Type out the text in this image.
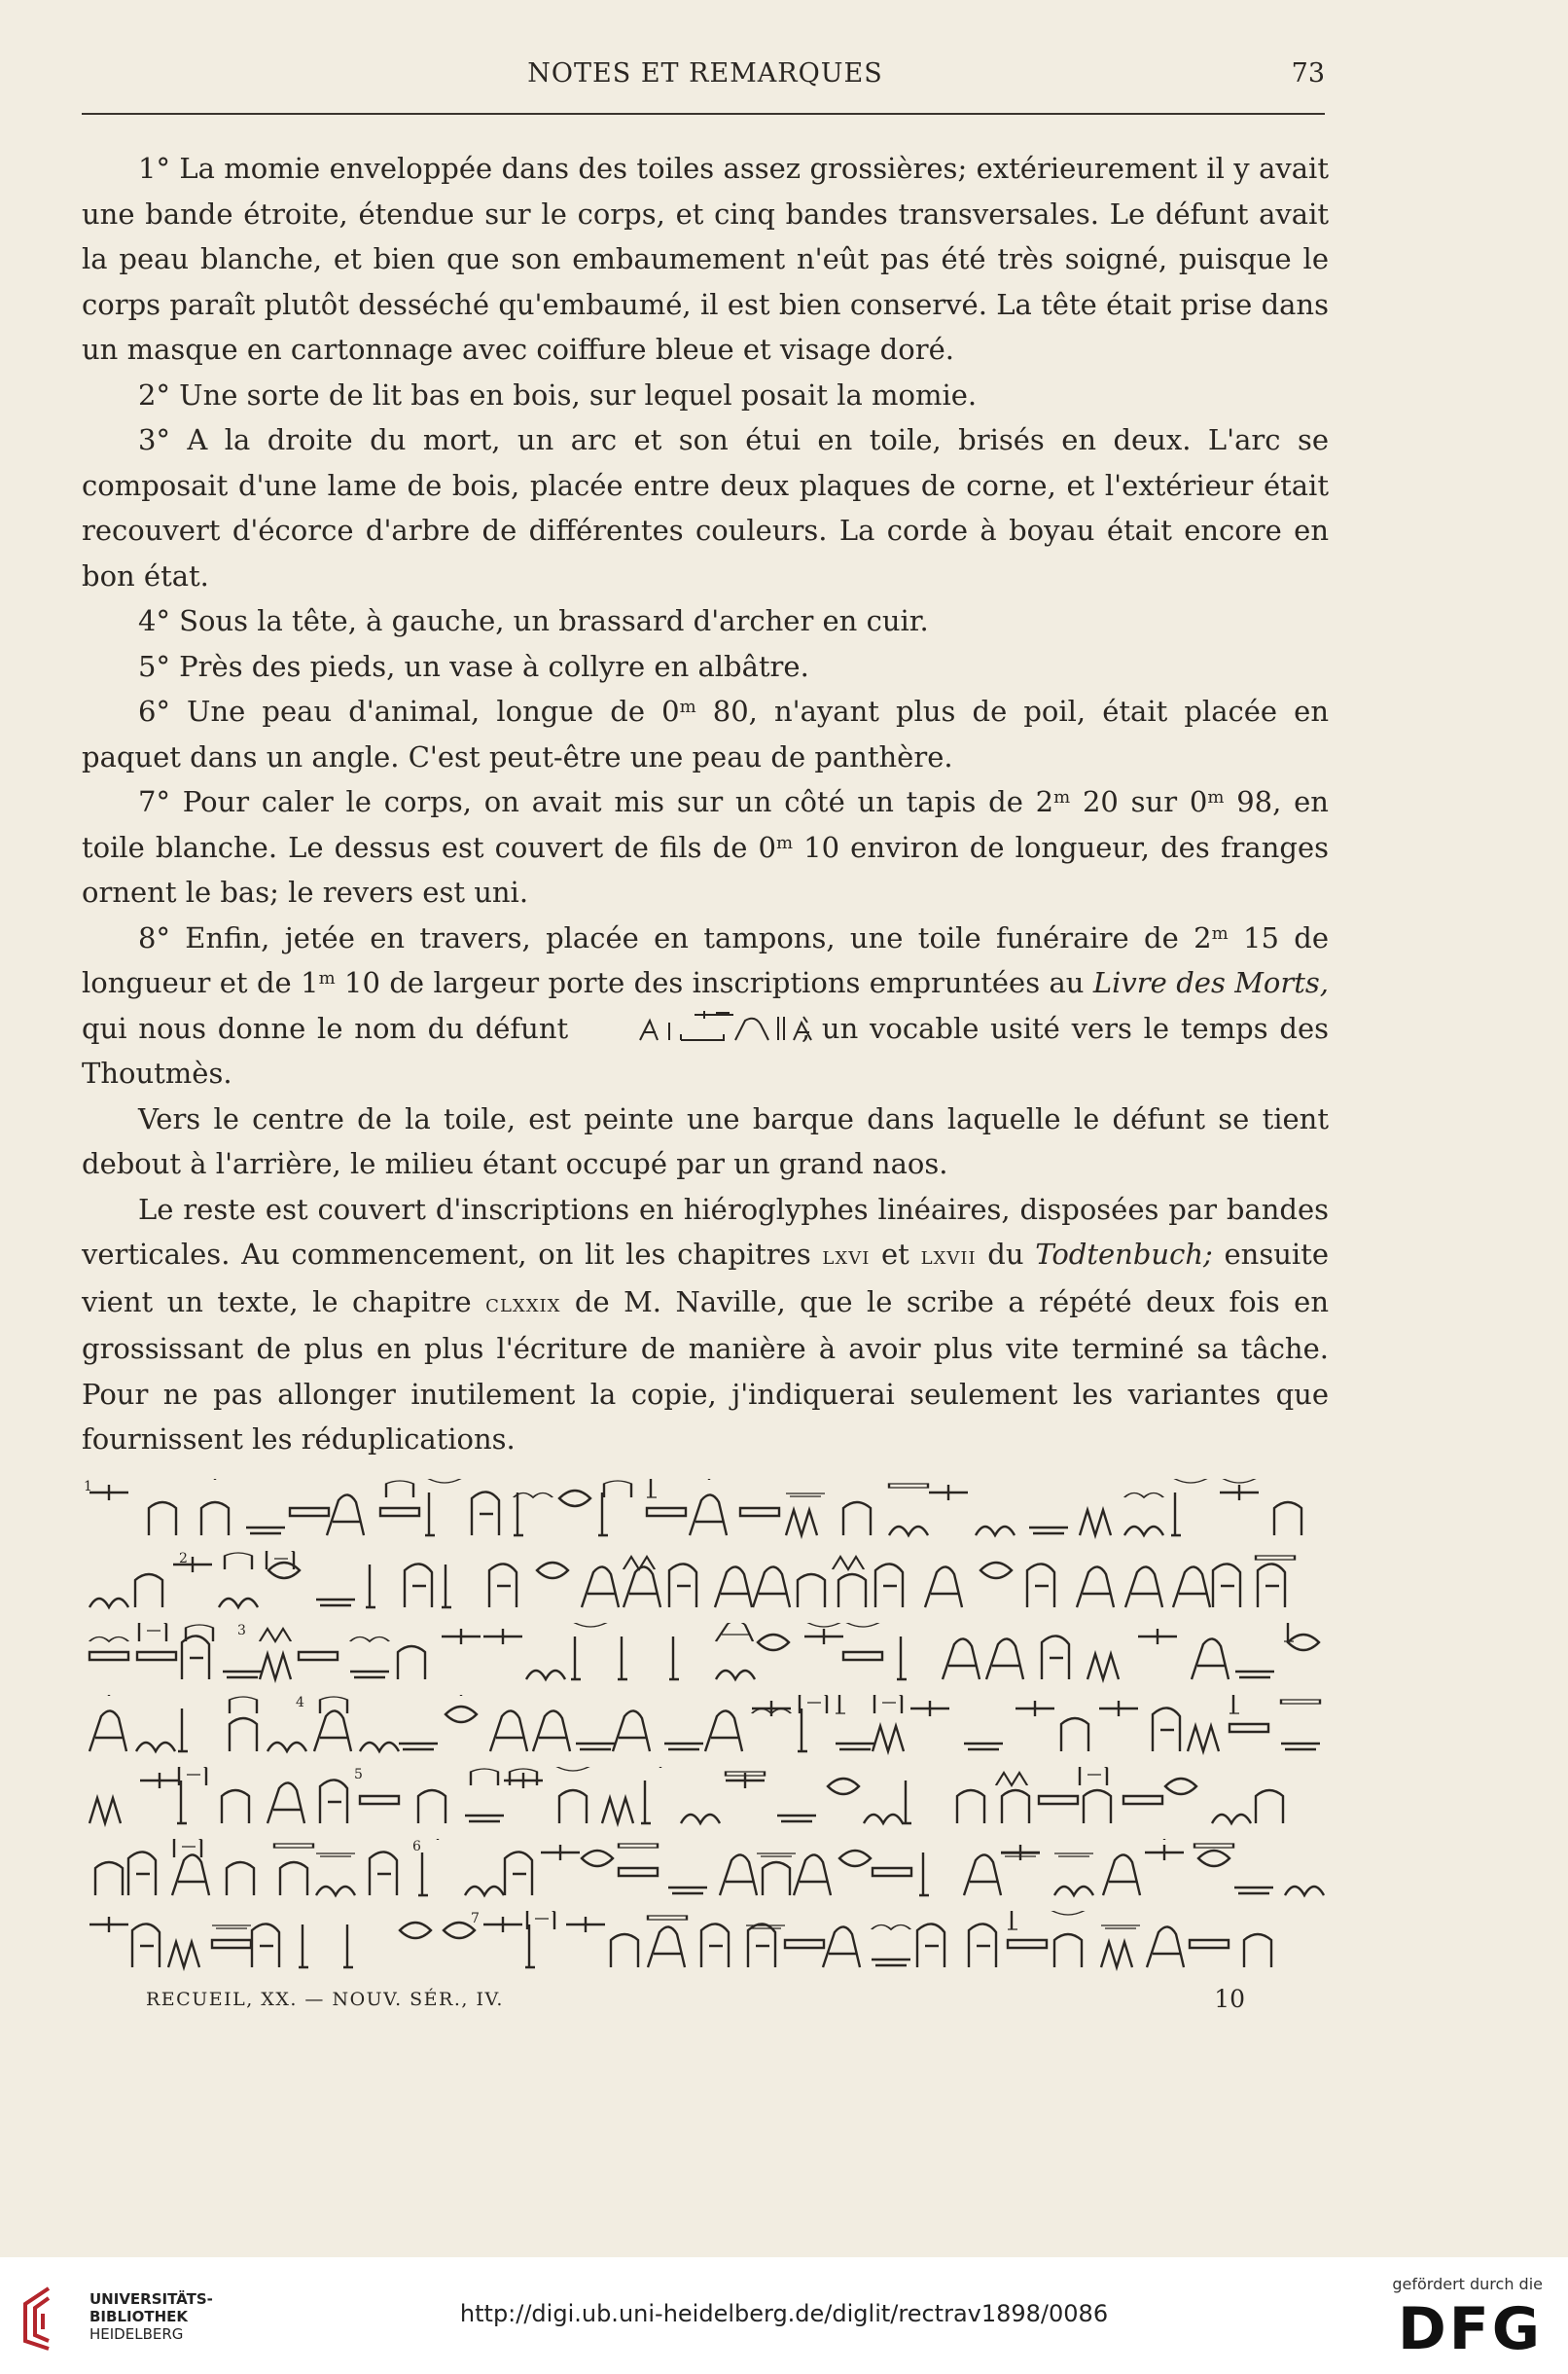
NOTES ET REMARQUES	73

1° La momie enveloppée dans des toiles assez grossières; extérieurement il y avait une bande étroite, étendue sur le corps, et cinq bandes transversales. Le défunt avait la peau blanche, et bien que son embaumement n'eût pas été très soigné, puisque le corps paraît plutôt desséché qu'embaumé, il est bien conservé. La tête était prise dans un masque en cartonnage avec coiffure bleue et visage doré.

2° Une sorte de lit bas en bois, sur lequel posait la momie.

3° A la droite du mort, un arc et son étui en toile, brisés en deux. L'arc se composait d'une lame de bois, placée entre deux plaques de corne, et l'extérieur était recouvert d'écorce d'arbre de différentes couleurs. La corde à boyau était encore en bon état.

4° Sous la tête, à gauche, un brassard d'archer en cuir.

5° Près des pieds, un vase à collyre en albâtre.

6° Une peau d'animal, longue de 0$^m$ 80, n'ayant plus de poil, était placée en paquet dans un angle. C'est peut-être une peau de panthère.

7° Pour caler le corps, on avait mis sur un côté un tapis de 2$^m$ 20 sur 0$^m$ 98, en toile blanche. Le dessus est couvert de fils de 0$^m$ 10 environ de longueur, des franges ornent le bas; le revers est uni.

8° Enfin, jetée en travers, placée en tampons, une toile funéraire de 2$^m$ 15 de longueur et de 1$^m$ 10 de largeur porte des inscriptions empruntées au Livre des Morts, qui nous donne le nom du défunt	, un vocable usité vers le temps des Thoutmès.

Vers le centre de la toile, est peinte une barque dans laquelle le défunt se tient debout à l'arrière, le milieu étant occupé par un grand naos.

Le reste est couvert d'inscriptions en hiéroglyphes linéaires, disposées par bandes verticales. Au commencement, on lit les chapitres lxvi et lxvii du Todtenbuch; ensuite vient un texte, le chapitre clxxix de M. Naville, que le scribe a répété deux fois en grossissant de plus en plus l'écriture de manière à avoir plus vite terminé sa tâche. Pour ne pas allonger inutilement la copie, j'indiquerai seulement les variantes que fournissent les réduplications.

1
2
3
4
5
6
7
RECUEIL, XX. — NOUV. SÉR., IV.	10
UNIVERSITÄTS-
BIBLIOTHEK
HEIDELBERG
http://digi.ub.uni-heidelberg.de/diglit/rectrav1898/0086
gefördert durch die
DFG
